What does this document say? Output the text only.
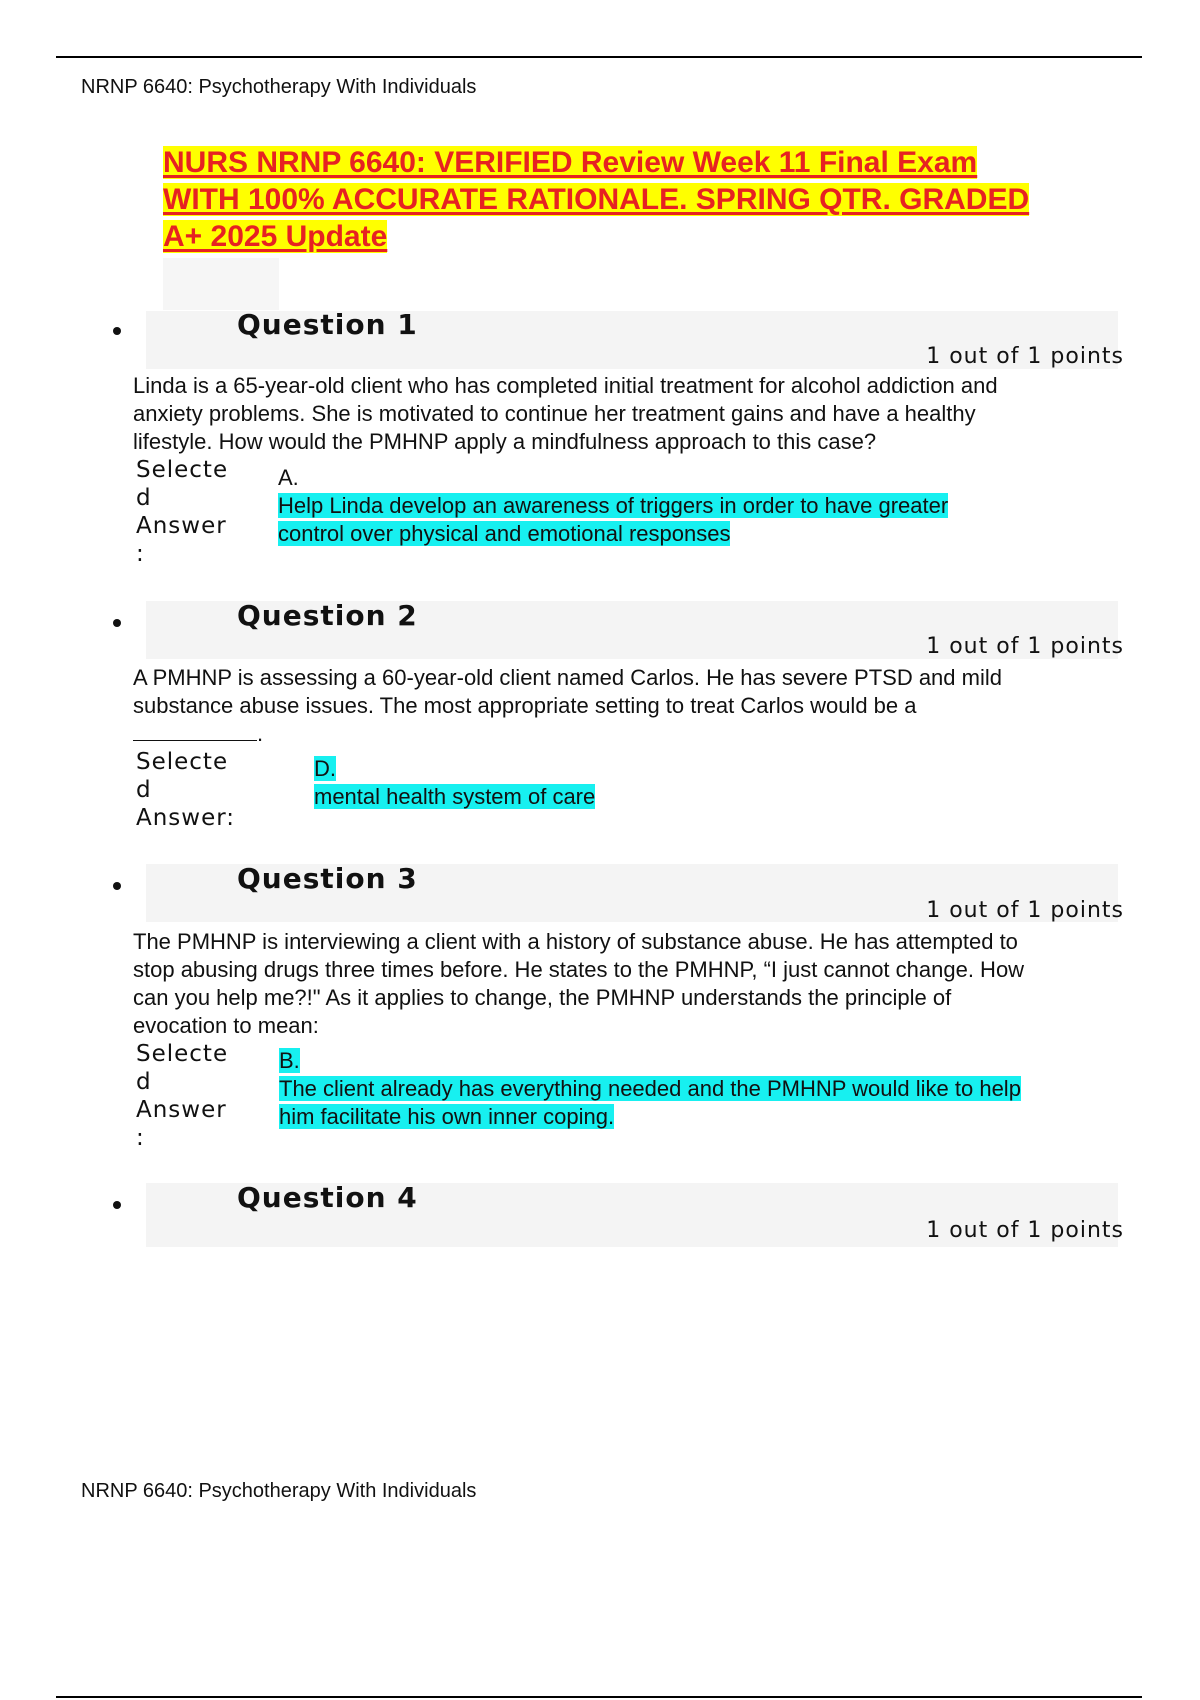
NRNP 6640: Psychotherapy With Individuals
NURS NRNP 6640: VERIFIED Review Week 11 Final Exam
WITH 100% ACCURATE RATIONALE. SPRING QTR. GRADED
A+ 2025 Update
Question 1
1 out of 1 points
Linda is a 65-year-old client who has completed initial treatment for alcohol addiction and anxiety problems. She is motivated to continue her treatment gains and have a healthy lifestyle. How would the PMHNP apply a mindfulness approach to this case?
Selecte
d
Answer
:
A.
Help Linda develop an awareness of triggers in order to have greater control over physical and emotional responses
Question 2
1 out of 1 points
A PMHNP is assessing a 60-year-old client named Carlos. He has severe PTSD and mild substance abuse issues. The most appropriate setting to treat Carlos would be a
.
Selecte
d
Answer:
D.
mental health system of care
Question 3
1 out of 1 points
The PMHNP is interviewing a client with a history of substance abuse. He has attempted to stop abusing drugs three times before. He states to the PMHNP, “I just cannot change. How can you help me?!" As it applies to change, the PMHNP understands the principle of evocation to mean:
Selecte
d
Answer
:
B.
The client already has everything needed and the PMHNP would like to help him facilitate his own inner coping.
Question 4
1 out of 1 points
NRNP 6640: Psychotherapy With Individuals
